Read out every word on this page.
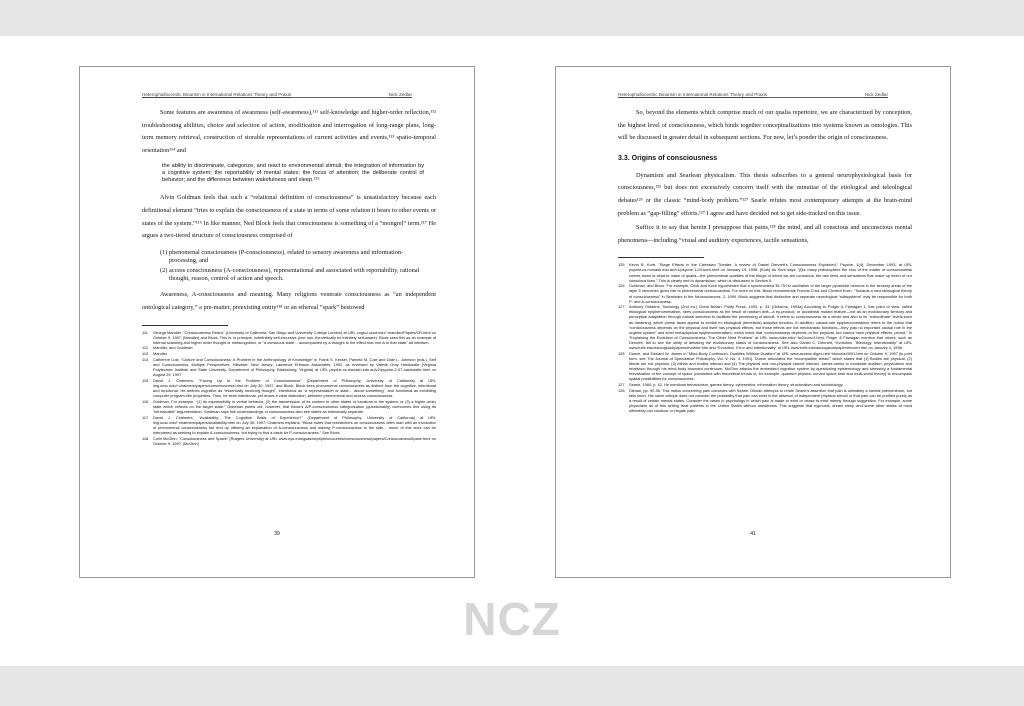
Heterophallocentric Binarism in International Relations Theory and Praxis	Nick Zedlar

Some features are awareness of awareness (self-awareness),¹¹¹ self-knowledge and higher-order reflection,¹¹² troubleshooting abilities, choice and selection of action, modification and interrogation of long-range plans, long-term memory retrieval, construction of storable representations of current activities and events,¹¹³ spatio-temporal orientation¹¹⁴ and

the ability to discriminate, categorize, and react to environmental stimuli; the integration of information by a cognitive system; the reportability of mental states; the focus of attention; the deliberate control of behavior; and the difference between wakefulness and sleep.¹¹⁵

Alvin Goldman feels that such a “relational definition of consciousness” is unsatisfactory because each definitional element “tries to explain the consciousness of a state in terms of some relation it bears to other events or states of the system.”¹¹⁶ In like manner, Ned Block feels that consciousness is something of a “mongrel” term.¹¹⁷ He argues a two-tiered structure of consciousness comprised of

(1) phenomenal consciousness (P-consciousness), related to sensory awareness and information-processing, and
(2) access consciousness (A-consciousness), representational and associated with reportability, rational thought, reason, control of action and speech.

Awareness, A-consciousness and meaning. Many religions venerate consciousness as “an independent ontological category,” a pre-matter, preexisting entity¹¹⁸ or an ethereal “spark” bestowed

111	George Mandler, “Consciousness Redux” (University of California, San Diego and University College London) at URL cogsci.ucsd.edu/~mandler/Papers/CR.html on October 9, 1997. [Mandler] and Block. This is, in principle, indefinitely self-recursive (one can, theoretically be infinitely self-aware). Block sees this as an example of internal scanning and higher order thought or metacognition, or “a conscious state… accompanied by a thought to the effect that one is in that state” ad infinitum.
112	Mandler, and Goldman.
113	Mandler.
114	Catherine Lutz, “Culture and Consciousness: A Problem in the Anthropology of Knowledge” in Frank S. Kessel, Pamela M. Cole and Dale L. Johnson (eds.), Self and Consciousness: Multiple Perspectives, Hillsdale, New Jersey: Lawrence Erlbaum Associates, 1992, as reviewed by Valerie Gray Hardcastle (Virginia Polytechnic Institute and State University, Department of Philosophy, Blacksburg, Virginia) at URL psyche.cs.monash.edu.au/v2/psyche-2-07-hardcastle.html on August 29, 1997.
115	David J. Chalmers, “Facing Up to the Problem of Consciousness” (Department of Philosophy, University of California) at URL ling.ucsc.edu/~chalmers/papers/consciousness.html on July 30, 1997, and Block. Block sees phenomenal consciousness as distinct from the cognitive, intentional and functional. He defines cognitive as “essentially involving thought”, intentional as “a representation or state… about something”, and functional as exhibiting computer program-like properties. Thus, he sees intentional, yet draws a clear distinction, between phenomenal and access consciousness.
116	Goldman. For example, “(1) its expressibility in verbal behavior, (2) the transmission of its content to other states or locations in the system, or (3) a higher-order state which reflects on the target state.” Goldman points out, however, that Block’s A/P-consciousness categorization (questionably) overcomes this using its “intrinsicalist” argumentation. Goldman says folk understandings of consciousness also see states as intrinsically separate.
117	David J. Chalmers, “Availability: The Cognitive Basis of Experience?” (Department of Philosophy, University of California) at URL ling.ucsc.edu/~chalmers/papers/availability.html on July 30, 1997. Chalmers explains: “Block notes that researchers on consciousness often start with an invocation of phenomenal consciousness but end up offering an explanation of A-consciousness and leaving P-consciousness to the side… much of this work can be interpreted as seeking to explain A-consciousness, but trying to find a basis for P-consciousness.” See Block.
118	Colin McGinn, “Consciousness and Space” (Rutgers University) at URL www.nyu.edu/gsas/dept/philo/courses/consciousness/papers/ConsciousnessSpace.html on October 9, 1997. [McGinn]
39
Heterophallocentric Binarism in International Relations Theory and Praxis	Nick Zedlar

So, beyond the elements which comprise much of our qualia repertoire, we are characterized by conception, the highest level of consciousness, which binds together conceptualizations into systems known as ontologies. This will be discussed in greater detail in subsequent sections. For now, let’s ponder the origin of consciousness.

3.3. Origins of consciousness

Dynamism and Searlean physicalism. This thesis subscribes to a general neurophysiological basis for consciousness,¹²⁵ but does not excessively concern itself with the minutiae of the etiological and teleological debates¹²⁶ or the classic “mind-body problem.”¹²⁷ Searle refutes most contemporary attempts at the brain-mind problem as “gap-filling” efforts.¹²⁷ I agree and have decided not to get side-tracked on this issue.

Suffice it to say that herein I presuppose that pains,¹²⁸ the mind, and all conscious and unconscious mental phenomena—including “visual and auditory experiences, tactile sensations,

125	Kevin B. Korb, “Stage Effects in the Cartesian Theater: A review of Daniel Dennett’s Consciousness Explained,” Psyche, 1(4), December 1993, at URL psyche.cs.monash.edu.au/v1/psyche-1-04-korb.html on January 19, 1998. [Korb] As Korb says: “[f]or many philosophers the crux of the matter of consciousness comes down to what to make of qualia—the phenomenal qualities of the things of which we are conscious, the raw feels and sensations that make up much of our conscious lives.” This is clearly tied to dynamicism, which is discussed in Section 5.
126	Goldman, and Block. For example, Crick and Koch hypothesize that a synchronized 35-75 Hz oscillation of the larger pyramidal neurons in the sensory areas of the layer 5 neocortex gives rise to phenomenal consciousness. For more on this, Block recommends Francis Crick and Christof Koch, “Towards a neurobiological theory of consciousness” in Seminars in the Neurosciences, 2, 1990. Block suggests that distinctive and separate neurological “subsystems” may be responsible for both P- and A-consciousness.
127	Anthony Giddens, Sociology (2nd ed.) Great Britain: Polity Press, 1993, p. 33. [Giddens, 1993a] According to Polger & Flanagan 1, this point of view, called etiological epiphenomenalism, sees consciousness as the result of random drift—a by-product, or accidental mutant feature—not as an evolutionary sensory and perceptual adaptation through natural selection to facilitate the processing of stimuli. It refers to consciousness as a whole and also to its “subordinate” levels such as dreaming, which primal faces appear to exhibit no etiological (beneficial) adaptive function. In addition, causal-role epiphenomenalism refers to the notion that “consciousness depends on the physical and itself has physical effects, but those effects are not mechanistic functions—they play no important causal role in the organic system” and strict metaphysical epiphenomenalism, which holds that “consciousness depends on the physical, but cannot have physical effects, period.” In “Explaining the Evolution of Consciousness: The Other Hard Problem” at URL www.duke.edu/~tw2/conc2.html, Polger & Flanagan mention that others, such as Dennett, fail to see the utility of debating the evolutionary status of consciousness. See also Daniel C. Dennett, “Evolution, Teleology, Intentionality” at URL www.tufts.edu/as/cogstud/papers/evoltele.htm and “Evolution, Error and Intentionality” at URL www.tufts.edu/as/cogstud/papers/evoerr.htm on January 4, 1998.
128	Dunne, and Edward W. James in “Mind-Body Continuum: Dualities Without Dualism” at URL www.access.digex.net/~kknoetz/4001.htm on October 9, 1997 [in print form: see The Journal of Speculative Philosophy, Vol. V, No. 4, 1991]. Dunne articulates the “incompatible tetrad,” which states that (1) Bodies are physical, (2) Minds are not physical, (3) Minds and bodies interact and (4) The physical and non-physical cannot interact. James seeks to moderate dualism; physicalism and relativism through his mind-body bounded continuum. McGinn attacks the embedded cognitive system by questioning epistemology and stressing a fundamental reevaluation of the concept of space (consistent with theoretical trends in, for example, quantum physics, curved space-time and multi-world theory) to encompass spatial possibilities for consciousness.
127	Searle, 1984, p. 42. He mentions behaviorism, games theory, cybernetics, information theory, structuralism and sociobiology.
128	Dilman, pp. 90-96. This notion concerning pain coincides with Searle. Dilman attempts to refute Searle’s assertion that pain is ultimately a mental phenomenon, but fails short. His naïve critique does not consider the possibility that pain can exist in the absence of independent physical stimuli or that pain can be purified purely as a result of certain mental states. Consider the cases in psychology in which pain is made to exist or cease to exist merely through suggestion. For example, some physicians as of this writing treat patients in the United States without anesthesia. This suggests that hypnosis, dream sleep and some other states of mind ultimately can conduce or negate pain.
41
NCZ
